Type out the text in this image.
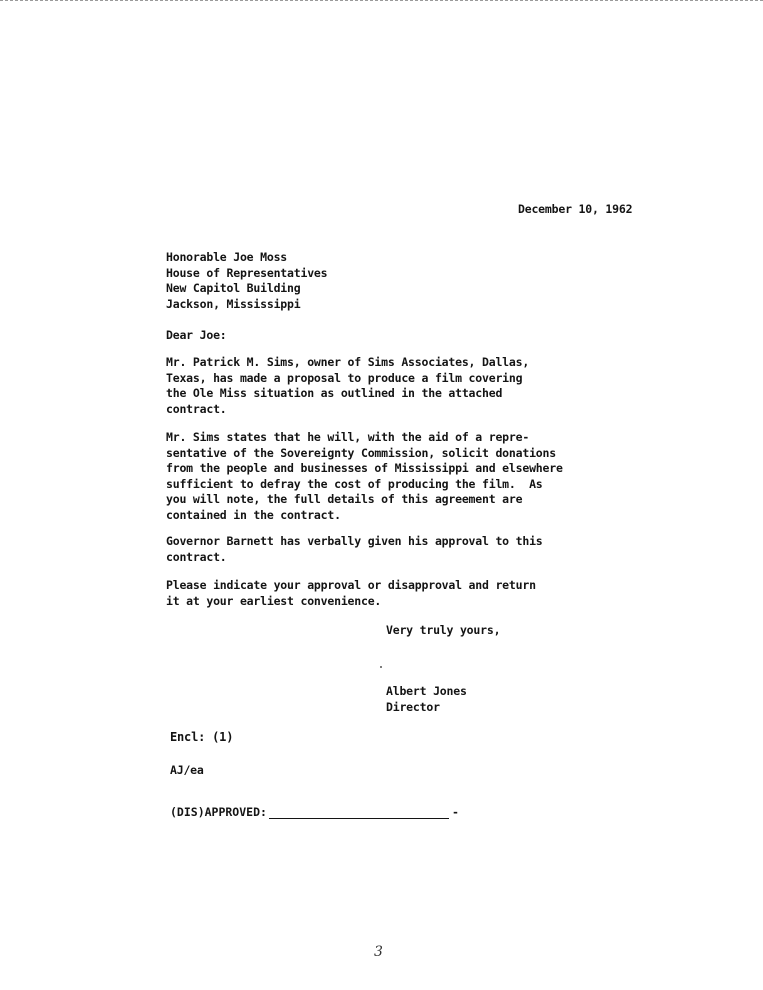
December 10, 1962
Honorable Joe Moss
House of Representatives
New Capitol Building
Jackson, Mississippi
Dear Joe:
Mr. Patrick M. Sims, owner of Sims Associates, Dallas,
Texas, has made a proposal to produce a film covering
the Ole Miss situation as outlined in the attached
contract.
Mr. Sims states that he will, with the aid of a repre-
sentative of the Sovereignty Commission, solicit donations
from the people and businesses of Mississippi and elsewhere
sufficient to defray the cost of producing the film.  As
you will note, the full details of this agreement are
contained in the contract.
Governor Barnett has verbally given his approval to this
contract.
Please indicate your approval or disapproval and return
it at your earliest convenience.
Very truly yours,
Albert Jones
Director
Encl: (1)
AJ/ea
(DIS)APPROVED:	-
3
